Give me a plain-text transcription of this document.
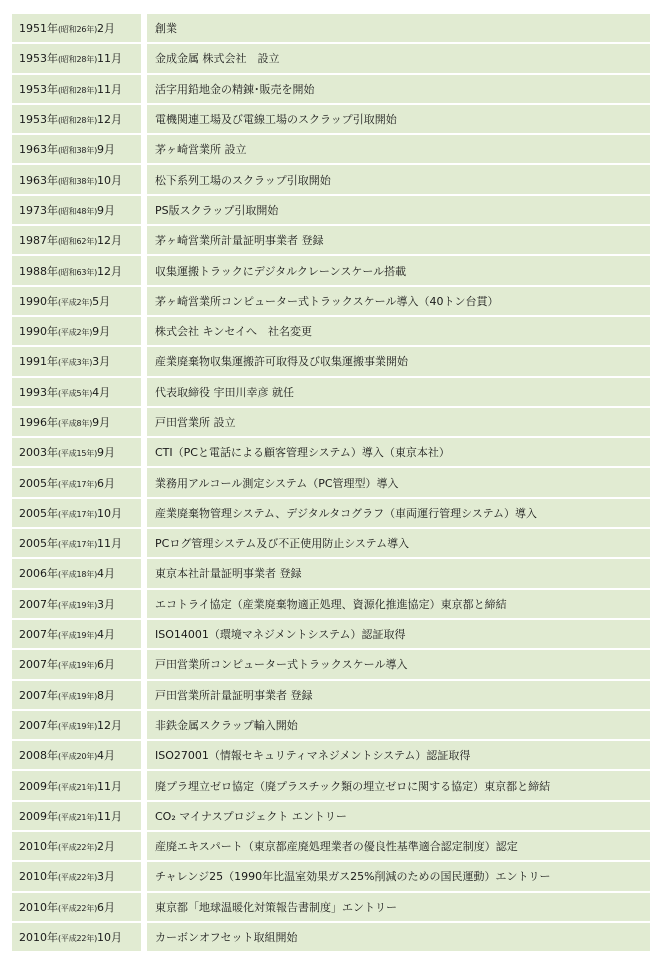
1951年(昭和26年)2月	創業
1953年(昭和28年)11月	金成金属 株式会社　設立
1953年(昭和28年)11月	活字用鉛地金の精錬･販売を開始
1953年(昭和28年)12月	電機関連工場及び電線工場のスクラップ引取開始
1963年(昭和38年)9月	茅ヶ崎営業所 設立
1963年(昭和38年)10月	松下系列工場のスクラップ引取開始
1973年(昭和48年)9月	PS版スクラップ引取開始
1987年(昭和62年)12月	茅ヶ崎営業所計量証明事業者 登録
1988年(昭和63年)12月	収集運搬トラックにデジタルクレーンスケール搭載
1990年(平成2年)5月	茅ヶ崎営業所コンピューター式トラックスケール導入（40トン台貫）
1990年(平成2年)9月	株式会社 キンセイへ　社名変更
1991年(平成3年)3月	産業廃棄物収集運搬許可取得及び収集運搬事業開始
1993年(平成5年)4月	代表取締役 宇田川幸彦 就任
1996年(平成8年)9月	戸田営業所 設立
2003年(平成15年)9月	CTI（PCと電話による顧客管理システム）導入（東京本社）
2005年(平成17年)6月	業務用アルコール測定システム（PC管理型）導入
2005年(平成17年)10月	産業廃棄物管理システム、デジタルタコグラフ（車両運行管理システム）導入
2005年(平成17年)11月	PCログ管理システム及び不正使用防止システム導入
2006年(平成18年)4月	東京本社計量証明事業者 登録
2007年(平成19年)3月	エコトライ協定（産業廃棄物適正処理、資源化推進協定）東京都と締結
2007年(平成19年)4月	ISO14001（環境マネジメントシステム）認証取得
2007年(平成19年)6月	戸田営業所コンピューター式トラックスケール導入
2007年(平成19年)8月	戸田営業所計量証明事業者 登録
2007年(平成19年)12月	非鉄金属スクラップ輸入開始
2008年(平成20年)4月	ISO27001（情報セキュリティマネジメントシステム）認証取得
2009年(平成21年)11月	廃プラ埋立ゼロ協定（廃プラスチック類の埋立ゼロに関する協定）東京都と締結
2009年(平成21年)11月	CO₂ マイナスプロジェクト エントリー
2010年(平成22年)2月	産廃エキスパート（東京都産廃処理業者の優良性基準適合認定制度）認定
2010年(平成22年)3月	チャレンジ25（1990年比温室効果ガス25%削減のための国民運動）エントリー
2010年(平成22年)6月	東京都「地球温暖化対策報告書制度」エントリー
2010年(平成22年)10月	カーボンオフセット取組開始
